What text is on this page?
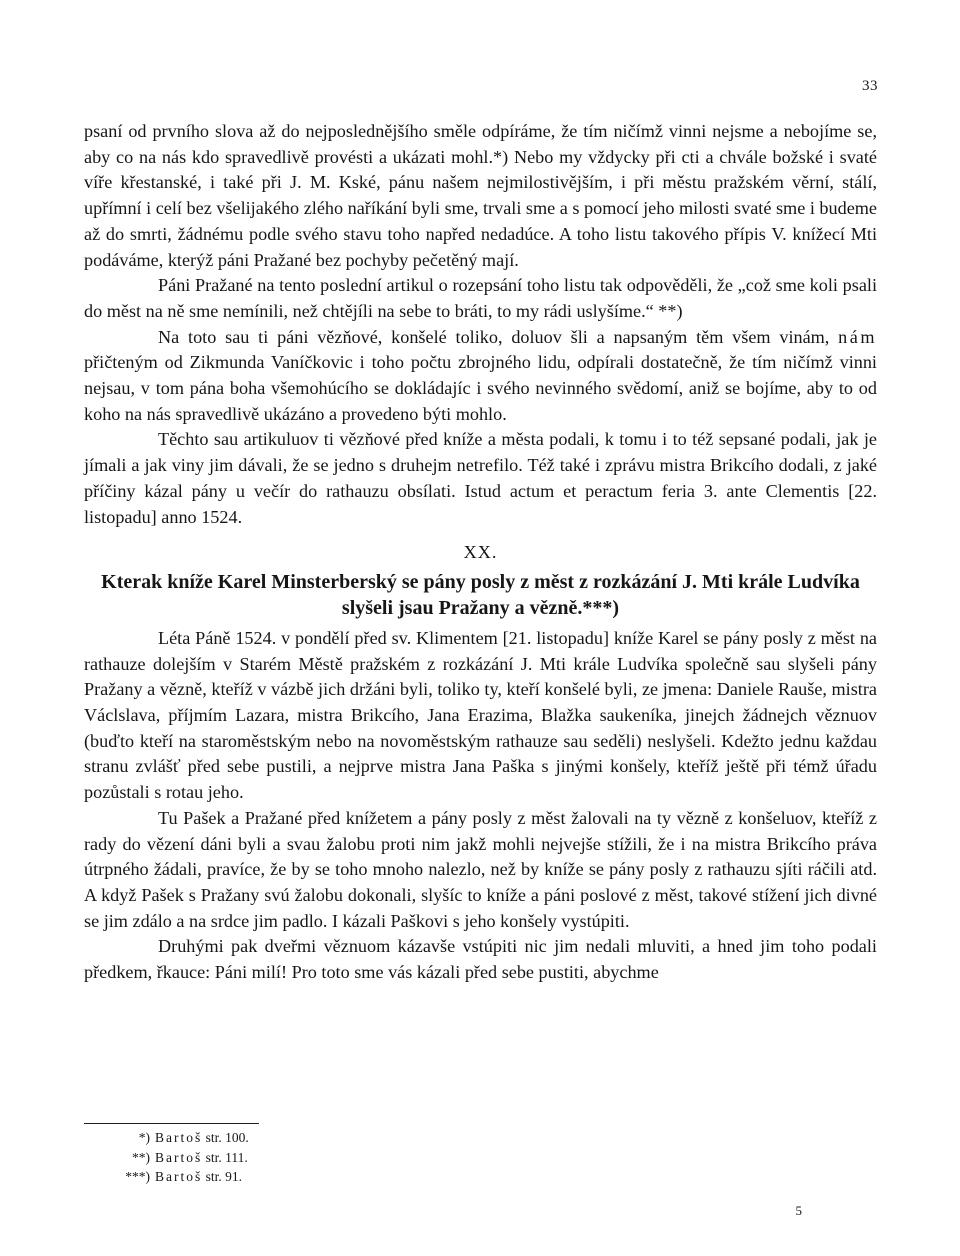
33

psaní od prvního slova až do nejposlednějšího směle odpíráme, že tím ničímž vinni nejsme a nebojíme se, aby co na nás kdo spravedlivě provésti a ukázati mohl.*) Nebo my vždycky při cti a chvále božské i svaté víře křestanské, i také při J. M. Kské, pánu našem nejmilostivějším, i při městu pražském věrní, stálí, upřímní i celí bez všelijakého zlého naříkání byli sme, trvali sme a s pomocí jeho milosti svaté sme i budeme až do smrti, žádnému podle svého stavu toho napřed nedadúce. A toho listu takového přípis V. knížecí Mti podáváme, kterýž páni Pražané bez pochyby pečetěný mají.

Páni Pražané na tento poslední artikul o rozepsání toho listu tak odpověděli, že „což sme koli psali do měst na ně sme nemínili, než chtějíli na sebe to bráti, to my rádi uslyšíme.“ **)

Na toto sau ti páni vězňové, konšelé toliko, doluov šli a napsaným těm všem vinám, nám přičteným od Zikmunda Vaníčkovic i toho počtu zbrojného lidu, odpírali dostatečně, že tím ničímž vinni nejsau, v tom pána boha všemohúcího se dokládajíc i svého nevinného svědomí, aniž se bojíme, aby to od koho na nás spravedlivě ukázáno a provedeno býti mohlo.

Těchto sau artikuluov ti vězňové před kníže a města podali, k tomu i to též sepsané podali, jak je jímali a jak viny jim dávali, že se jedno s druhejm netrefilo. Též také i zprávu mistra Brikcího dodali, z jaké příčiny kázal pány u večír do rathauzu obsílati. Istud actum et peractum feria 3. ante Clementis [22. listopadu] anno 1524.

XX.
Kterak kníže Karel Minsterberský se pány posly z měst z rozkázání J. Mti krále Ludvíka slyšeli jsau Pražany a vězně.***)

Léta Páně 1524. v pondělí před sv. Klimentem [21. listopadu] kníže Karel se pány posly z měst na rathauze dolejším v Starém Městě pražském z rozkázání J. Mti krále Ludvíka společně sau slyšeli pány Pražany a vězně, kteříž v vázbě jich držáni byli, toliko ty, kteří konšelé byli, ze jmena: Daniele Rauše, mistra Václslava, příjmím Lazara, mistra Brikcího, Jana Erazima, Blažka saukeníka, jinejch žádnejch věznuov (buďto kteří na staroměstským nebo na novoměstským rathauze sau seděli) neslyšeli. Kdežto jednu každau stranu zvlášť před sebe pustili, a nejprve mistra Jana Paška s jinými konšely, kteříž ještě při témž úřadu pozůstali s rotau jeho.

Tu Pašek a Pražané před knížetem a pány posly z měst žalovali na ty vězně z konšeluov, kteříž z rady do vězení dáni byli a svau žalobu proti nim jakž mohli nejvejše stížili, že i na mistra Brikcího práva útrpného žádali, pravíce, že by se toho mnoho nalezlo, než by kníže se pány posly z rathauzu sjíti ráčili atd. A když Pašek s Pražany svú žalobu dokonali, slyšíc to kníže a páni poslové z měst, takové stížení jich divné se jim zdálo a na srdce jim padlo. I kázali Paškovi s jeho konšely vystúpiti.

Druhými pak dveřmi věznuom kázavše vstúpiti nic jim nedali mluviti, a hned jim toho podali předkem, řkauce: Páni milí! Pro toto sme vás kázali před sebe pustiti, abychme

*) Bartoš str. 100.
**) Bartoš str. 111.
***) Bartoš str. 91.
5
